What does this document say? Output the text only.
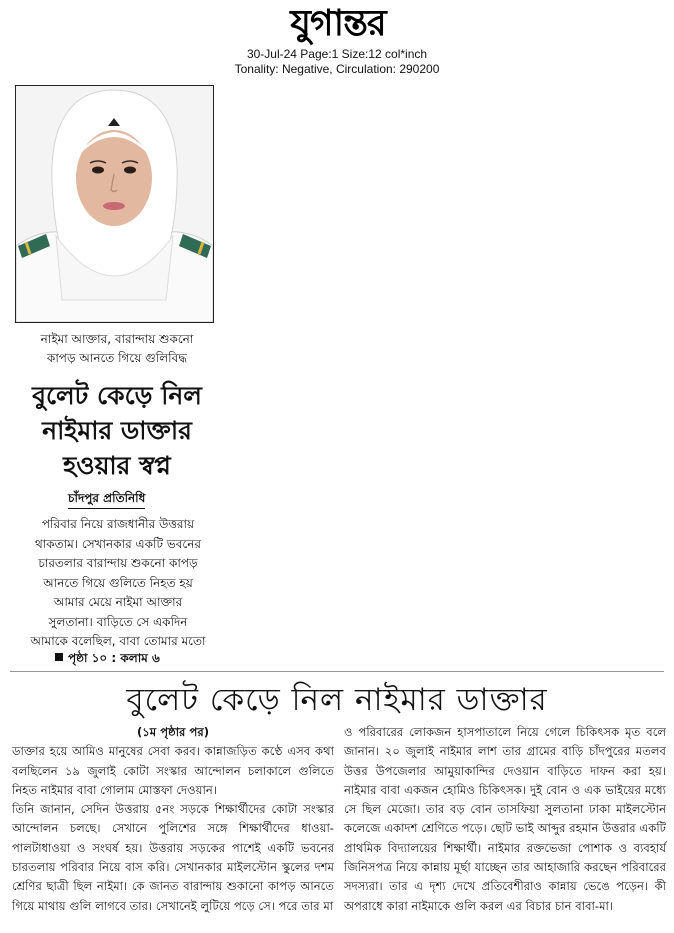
যুগান্তর
30-Jul-24 Page:1 Size:12 col*inch
Tonality: Negative, Circulation: 290200
নাইমা আক্তার, বারান্দায় শুকনো
কাপড় আনতে গিয়ে গুলিবিদ্ধ
বুলেট কেড়ে নিল
নাইমার ডাক্তার
হওয়ার স্বপ্ন
চাঁদপুর প্রতিনিধি
পরিবার নিয়ে রাজধানীর উত্তরায়
থাকতাম। সেখানকার একটি ভবনের
চারতলার বারান্দায় শুকনো কাপড়
আনতে গিয়ে গুলিতে নিহত হয়
আমার মেয়ে নাইমা আক্তার
সুলতানা। বাড়িতে সে একদিন
আমাকে বলেছিল, বাবা তোমার মতো
পৃষ্ঠা ১০ : কলাম ৬
বুলেট কেড়ে নিল নাইমার ডাক্তার

(১ম পৃষ্ঠার পর)

ডাক্তার হয়ে আমিও মানুষের সেবা করব। কান্নাজড়িত কণ্ঠে এসব কথা বলছিলেন ১৯ জুলাই কোটা সংস্কার আন্দোলন চলাকালে গুলিতে নিহত নাইমার বাবা গোলাম মোস্তফা দেওয়ান।

তিনি জানান, সেদিন উত্তরায় ৫নং সড়কে শিক্ষার্থীদের কোটা সংস্কার আন্দোলন চলছে। সেখানে পুলিশের সঙ্গে শিক্ষার্থীদের ধাওয়া-পালটাধাওয়া ও সংঘর্ষ হয়। উত্তরায় সড়কের পাশেই একটি ভবনের চারতলায় পরিবার নিয়ে বাস করি। সেখানকার মাইলস্টোন স্কুলের দশম শ্রেণির ছাত্রী ছিল নাইমা। কে জানত বারান্দায় শুকানো কাপড় আনতে গিয়ে মাথায় গুলি লাগবে তার। সেখানেই লুটিয়ে পড়ে সে। পরে তার মা

ও পরিবারের লোকজন হাসপাতালে নিয়ে গেলে চিকিৎসক মৃত বলে জানান। ২০ জুলাই নাইমার লাশ তার গ্রামের বাড়ি চাঁদপুরের মতলব উত্তর উপজেলার আমুয়াকান্দির দেওয়ান বাড়িতে দাফন করা হয়। নাইমার বাবা একজন হোমিও চিকিৎসক। দুই বোন ও এক ভাইয়ের মধ্যে সে ছিল মেজো। তার বড় বোন তাসফিয়া সুলতানা ঢাকা মাইলস্টোন কলেজে একাদশ শ্রেণিতে পড়ে। ছোট ভাই আব্দুর রহমান উত্তরার একটি প্রাথমিক বিদ্যালয়ের শিক্ষার্থী। নাইমার রক্তভেজা পোশাক ও ব্যবহার্য জিনিসপত্র নিয়ে কান্নায় মূর্ছা যাচ্ছেন তার আহাজারি করছেন পরিবারের সদস্যরা। তার এ দৃশ্য দেখে প্রতিবেশীরাও কান্নায় ভেঙে পড়েন। কী অপরাধে কারা নাইমাকে গুলি করল এর বিচার চান বাবা-মা।
